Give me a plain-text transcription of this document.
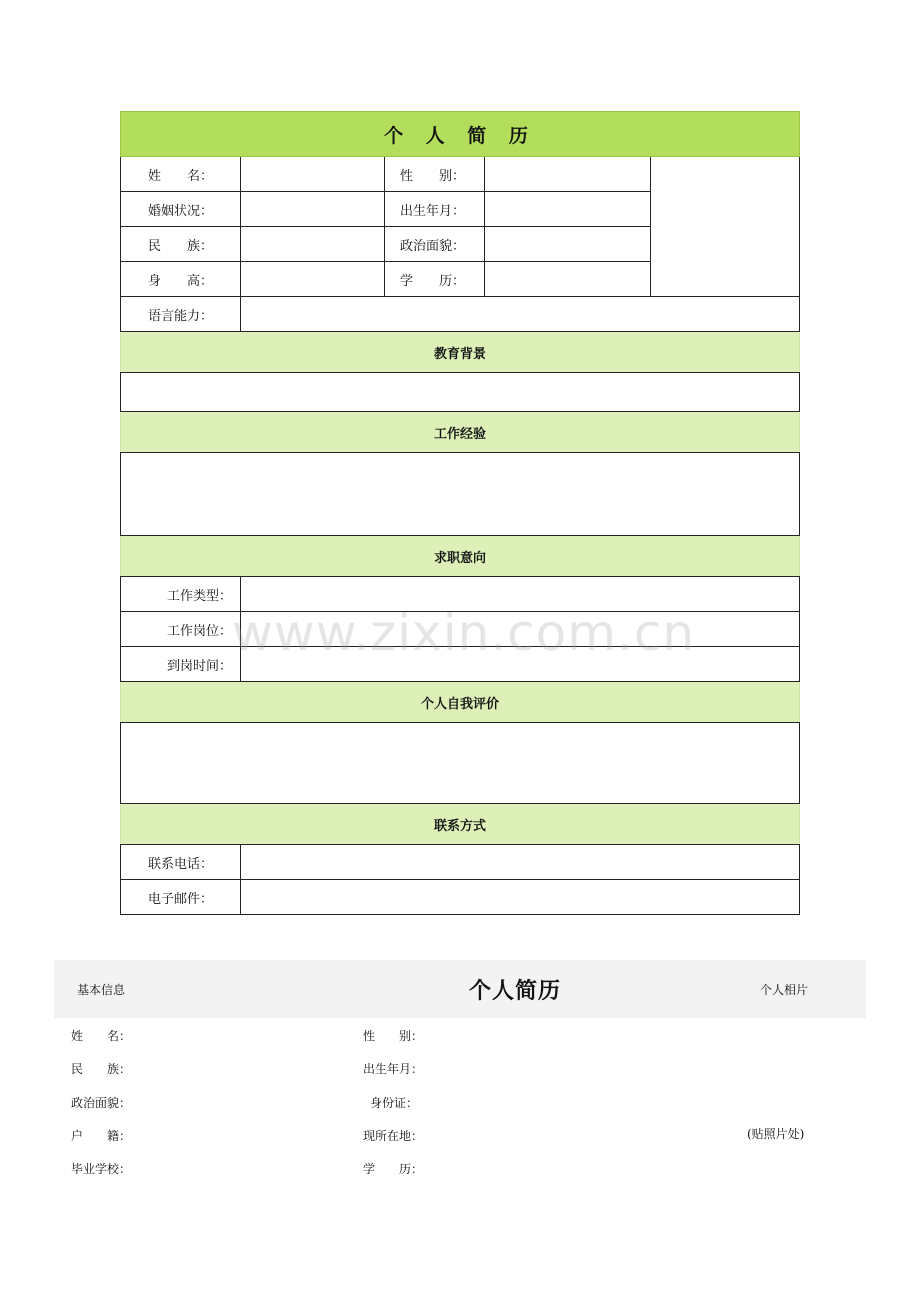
个 人 简 历
姓　　名：	性　　别：
婚姻状况：	出生年月：
民　　族：	政治面貌：
身　　高：	学　　历：
语言能力：
教育背景
工作经验
求职意向
工作类型：
工作岗位：
到岗时间：
个人自我评价
联系方式
联系电话：
电子邮件：
www.zixin.com.cn
基本信息	个人简历	个人相片
姓　　名：	性　　别：
民　　族：	出生年月：
政治面貌：	身份证：
户　　籍：	现所在地：	(贴照片处)
毕业学校：	学　　历：
